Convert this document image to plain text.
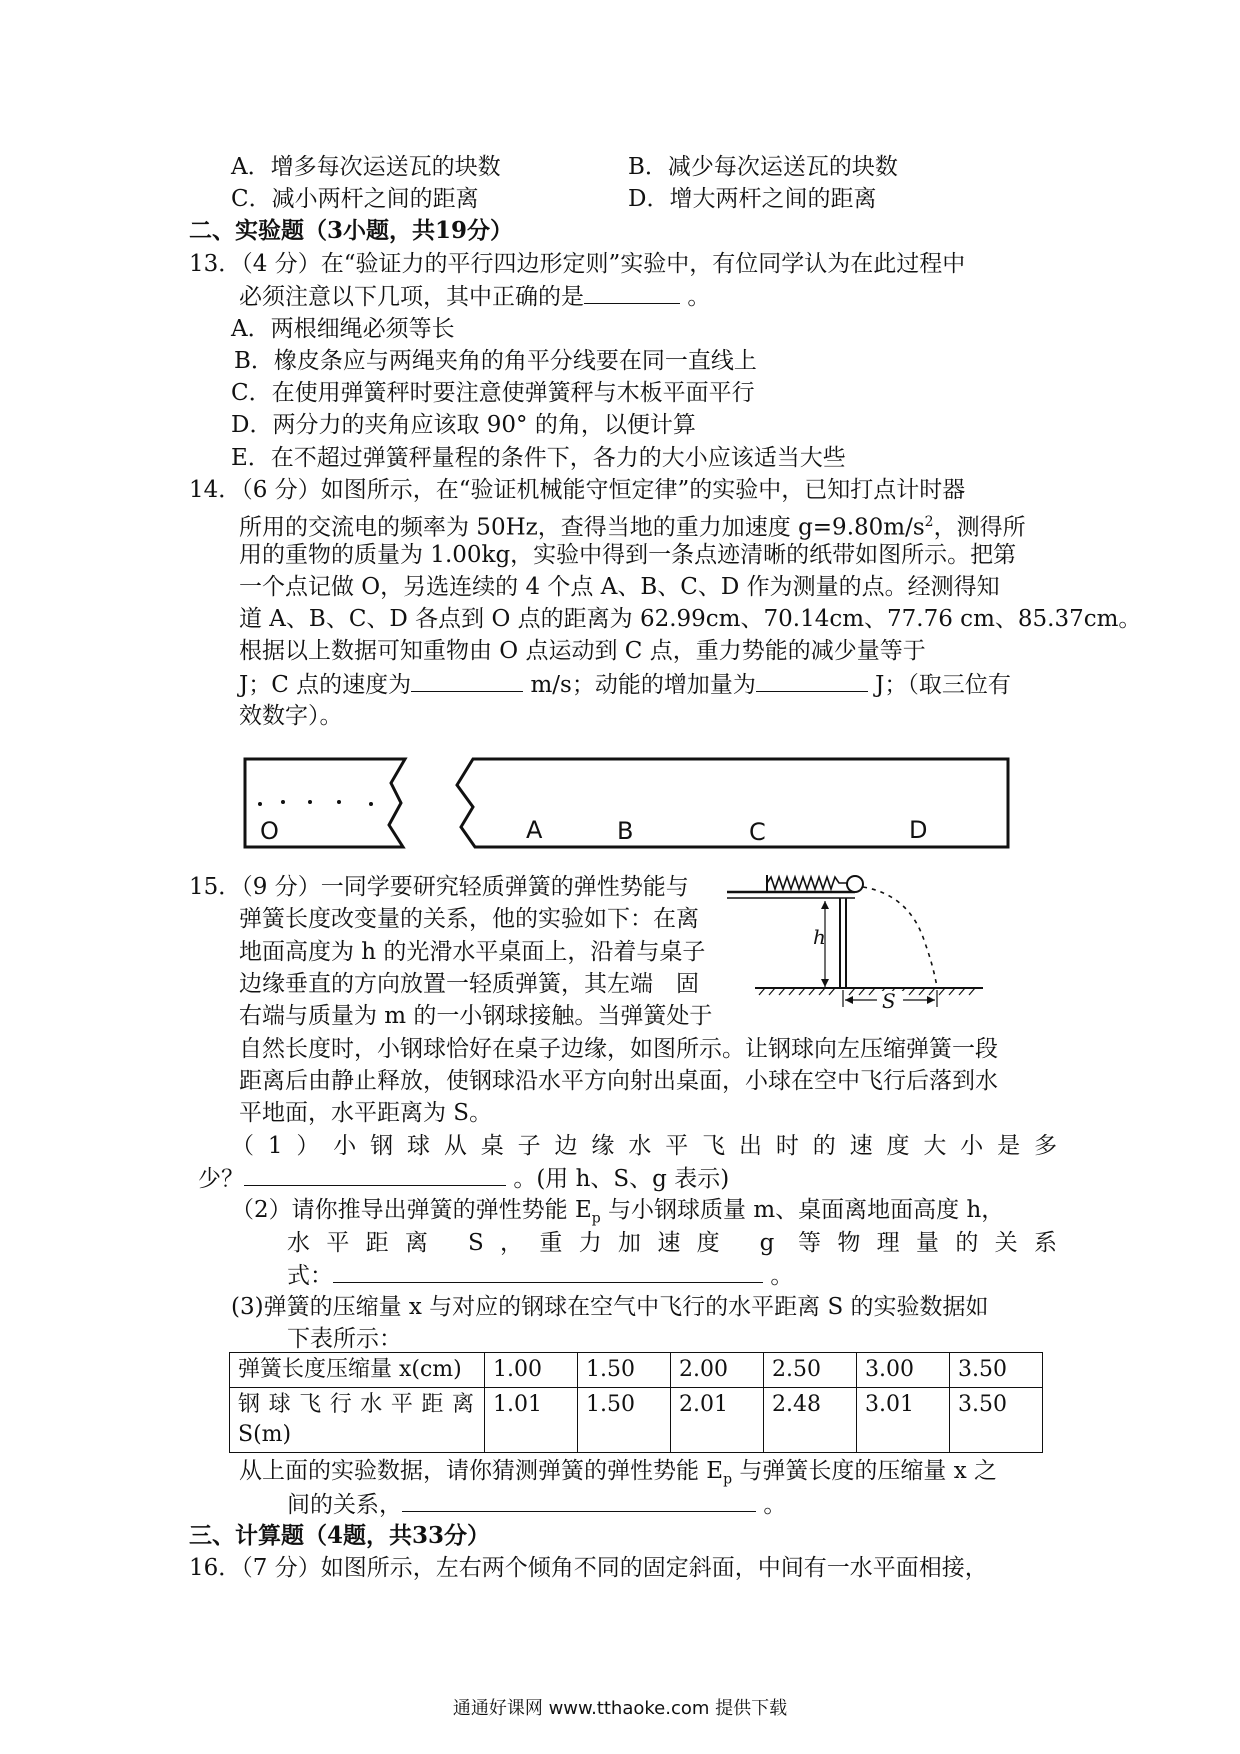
A．增多每次运送瓦的块数	B．减少每次运送瓦的块数
C．减小两杆之间的距离	D．增大两杆之间的距离
二、实验题（3小题，共19分）
13．（4 分）在“验证力的平行四边形定则”实验中，有位同学认为在此过程中
必须注意以下几项，其中正确的是	。
A．两根细绳必须等长
B．橡皮条应与两绳夹角的角平分线要在同一直线上
C．在使用弹簧秤时要注意使弹簧秤与木板平面平行
D．两分力的夹角应该取 90° 的角，以便计算
E．在不超过弹簧秤量程的条件下，各力的大小应该适当大些
14．（6 分）如图所示，在“验证机械能守恒定律”的实验中，已知打点计时器
所用的交流电的频率为 50Hz，查得当地的重力加速度 $g=9.80m/s^2$，测得所
用的重物的质量为 1.00kg，实验中得到一条点迹清晰的纸带如图所示。把第
一个点记做 O，另选连续的 4 个点 A、B、C、D 作为测量的点。经测得知
道 A、B、C、D 各点到 O 点的距离为 62.99cm、70.14cm、77.76 cm、85.37cm。
根据以上数据可知重物由 O 点运动到 C 点，重力势能的减少量等于
J；C 点的速度为	m/s；动能的增加量为	J；（取三位有
效数字）。
O	A	B	C	D
15．（9 分）一同学要研究轻质弹簧的弹性势能与
弹簧长度改变量的关系，他的实验如下：在离
地面高度为 h 的光滑水平桌面上，沿着与桌子
边缘垂直的方向放置一轻质弹簧，其左端　固
右端与质量为 m 的一小钢球接触。当弹簧处于
自然长度时，小钢球恰好在桌子边缘，如图所示。让钢球向左压缩弹簧一段
距离后由静止释放，使钢球沿水平方向射出桌面，小球在空中飞行后落到水
平地面，水平距离为 S。
h
S
（1）小钢球从桌子边缘水平飞出时的速度大小是多
少？	。(用 h、S、g 表示)
（2）请你推导出弹簧的弹性势能 $E_p$ 与小钢球质量 m、桌面离地面高度 h，
水平距离 S，重力加速度 g 等物理量的关系
式：	。
(3)弹簧的压缩量 x 与对应的钢球在空气中飞行的水平距离 S 的实验数据如
下表所示：
弹簧长度压缩量 x(cm)	1.00	1.50	2.00	2.50	3.00	3.50

钢球飞行水平距离
S(m)	1.01	1.50	2.01	2.48	3.01	3.50
从上面的实验数据，请你猜测弹簧的弹性势能 $E_p$ 与弹簧长度的压缩量 x 之
间的关系，	。
三、计算题（4题，共33分）
16．（7 分）如图所示，左右两个倾角不同的固定斜面，中间有一水平面相接，
通通好课网 www.tthaoke.com 提供下载
